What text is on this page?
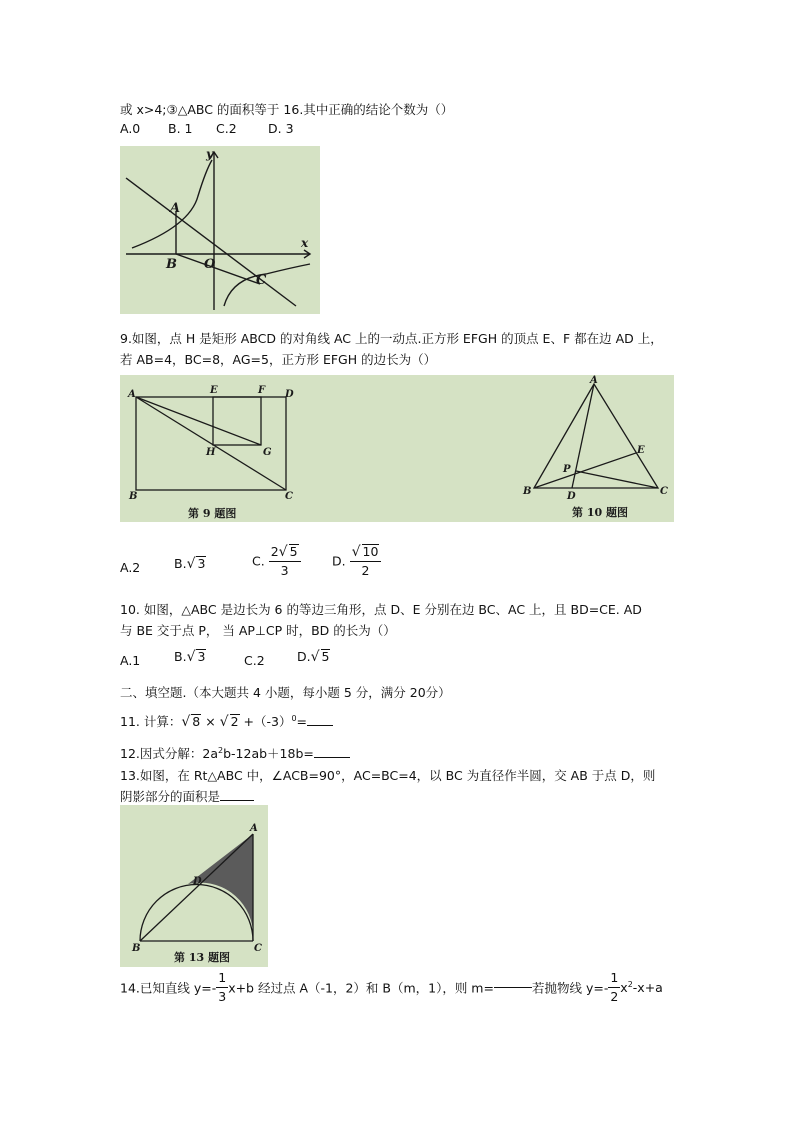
或 x>4;③△ABC 的面积等于 16.其中正确的结论个数为（）
A.0 B. 1 C.2	D. 3
y
x
A
B O
C
9.如图，点 H 是矩形 ABCD 的对角线 AC 上的一动点.正方形 EFGH 的顶点 E、F 都在边 AD 上，
若 AB=4，BC=8，AG=5，正方形 EFGH 的边长为（）
A	E	F D
H	G
B	C
第 9 题图
A
E
P
B	D	C
第 10 题图
A.2	B.√ 3	C. $\frac{2√ 5}{3}$	D. $\frac{√ 10}{2}$
10. 如图，△ABC 是边长为 6 的等边三角形，点 D、E 分别在边 BC、AC 上，且 BD=CE. AD
与 BE 交于点 P， 当 AP⊥CP 时，BD 的长为（）
A.1	B.√ 3	C.2	D.√ 5
二、填空题.（本大题共 4 小题，每小题 5 分，满分 20分）
11. 计算：√ 8 × √ $2 +(-3)^0=$
12.因式分解：$2a^2b-12ab+18b=$
13.如图，在 Rt△ABC 中，∠ACB=90°，AC=BC=4，以 BC 为直径作半圆，交 AB 于点 D，则
阴影部分的面积是
A
D
B	C
第 13 题图
14.已知直线 $y=- \frac{1}{3} x+b$ 经过点 A（-1，2）和 B（m，1），则 m=	若抛物线 $y=- \frac{1}{2} x^2-x+a$
